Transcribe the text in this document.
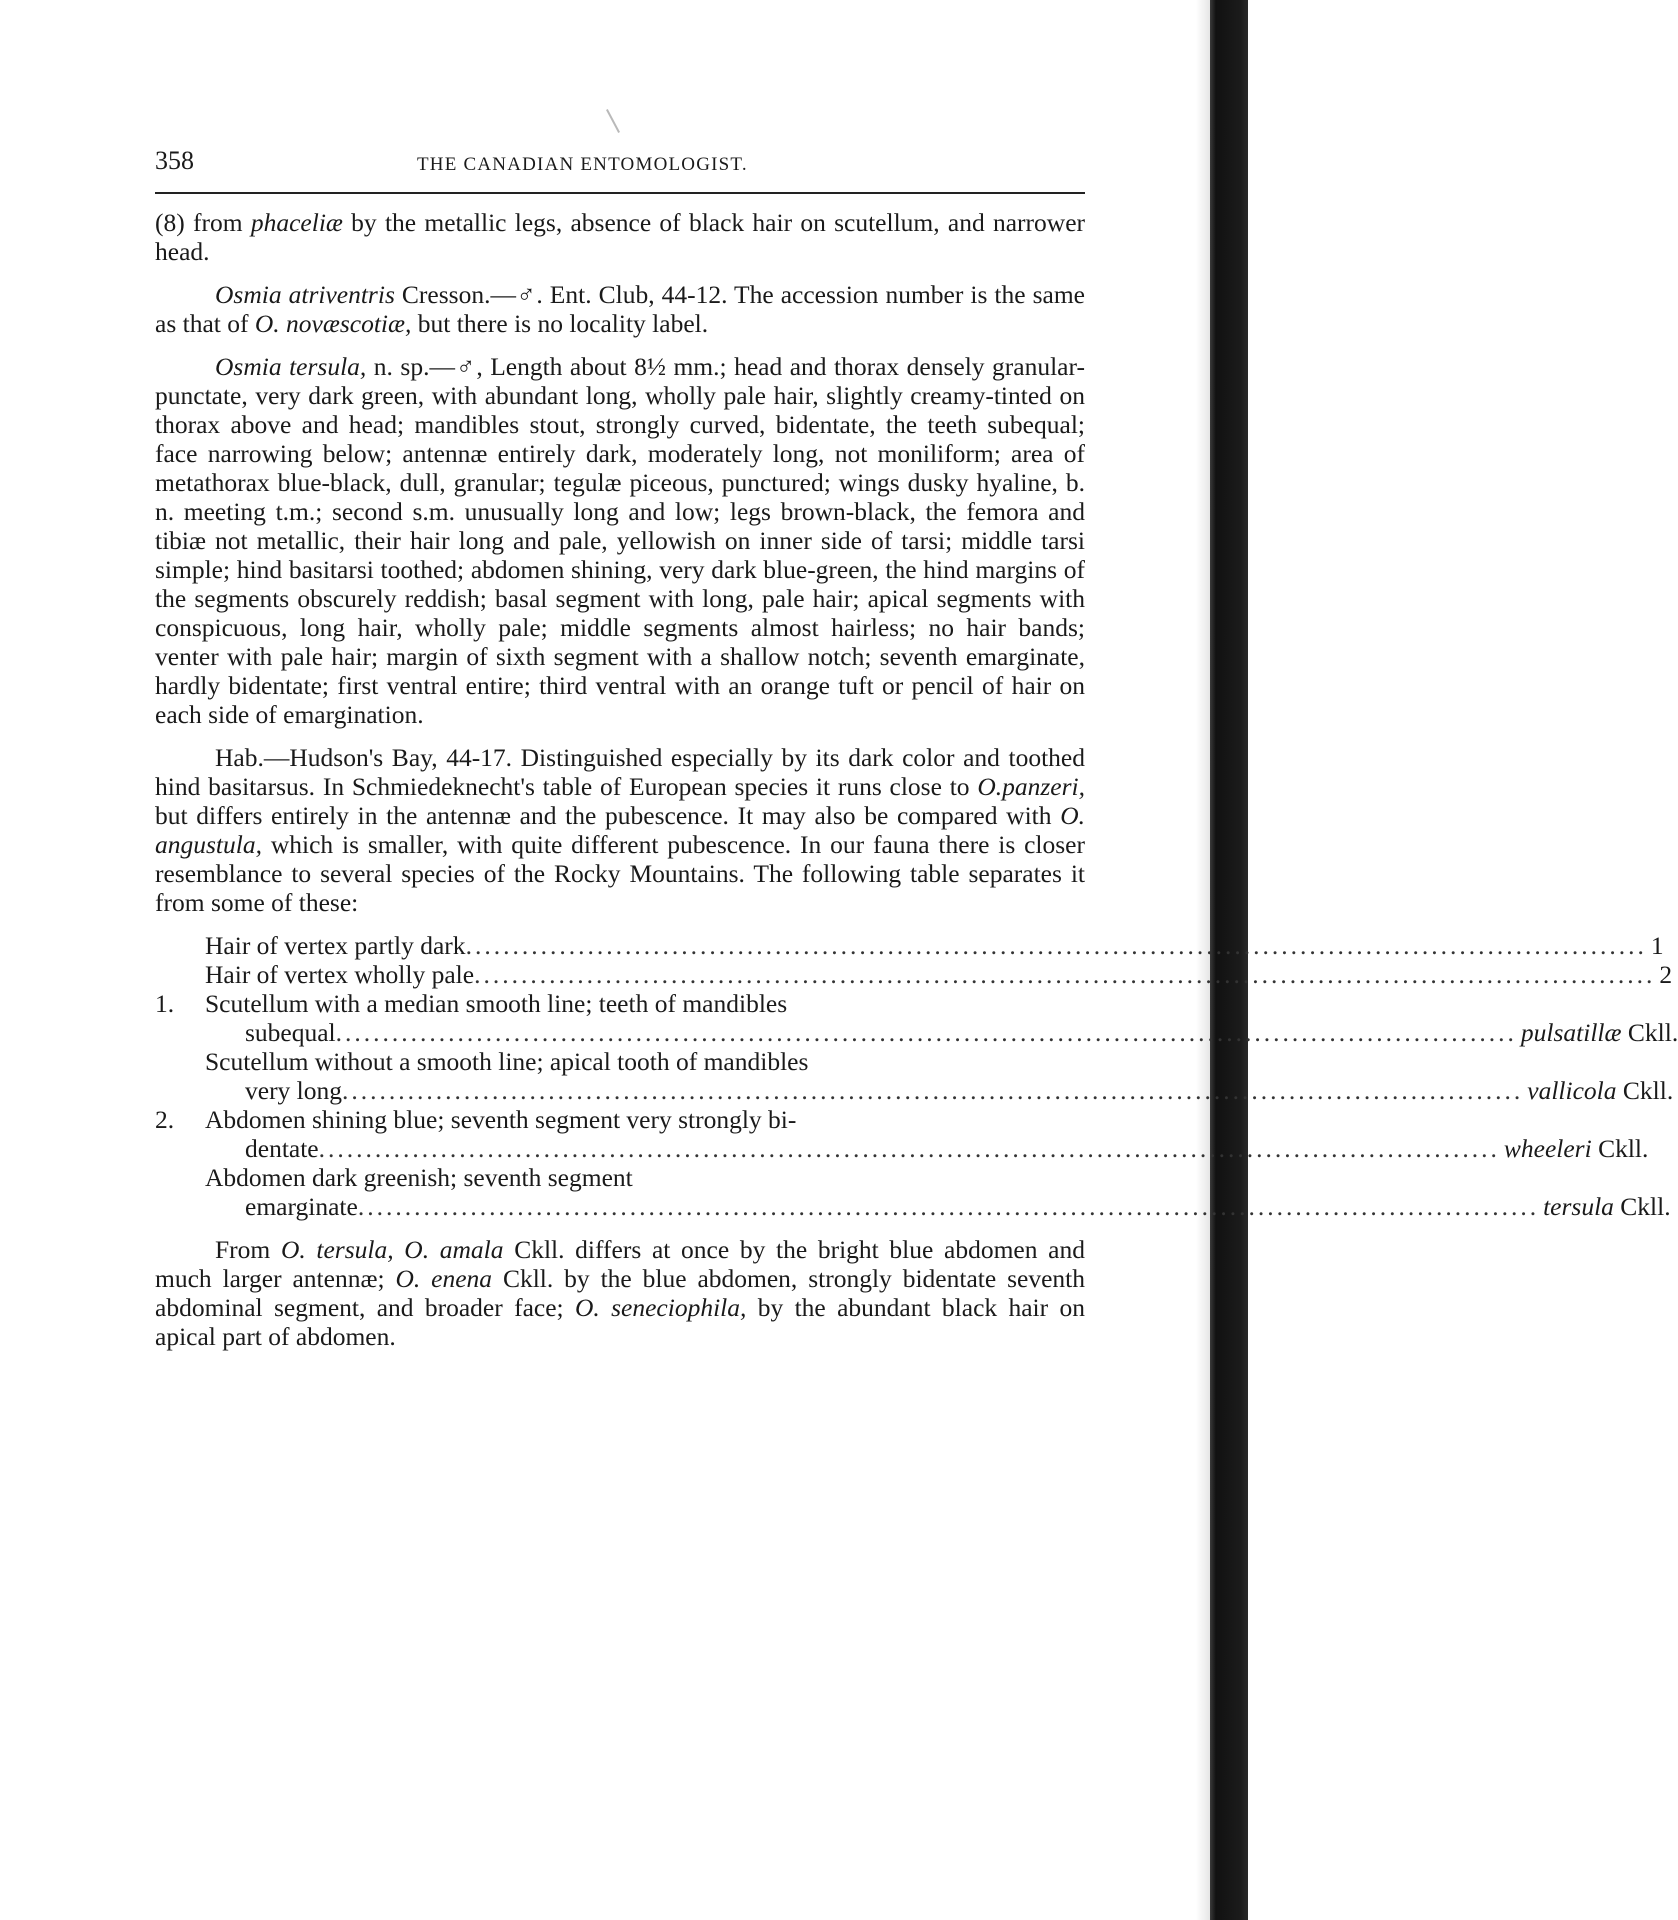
358	THE CANADIAN ENTOMOLOGIST.

(8) from phaceliæ by the metallic legs, absence of black hair on scutellum, and narrower head.

Osmia atriventris Cresson.—♂. Ent. Club, 44-12. The accession number is the same as that of O. novæscotiæ, but there is no locality label.

Osmia tersula, n. sp.—♂, Length about 8½ mm.; head and thorax densely granular-punctate, very dark green, with abundant long, wholly pale hair, slightly creamy-tinted on thorax above and head; mandibles stout, strongly curved, bidentate, the teeth subequal; face narrowing below; antennæ entirely dark, moderately long, not moniliform; area of metathorax blue-black, dull, granular; tegulæ piceous, punctured; wings dusky hyaline, b. n. meeting t.m.; second s.m. unusually long and low; legs brown-black, the femora and tibiæ not metallic, their hair long and pale, yellowish on inner side of tarsi; middle tarsi simple; hind basitarsi toothed; abdomen shining, very dark blue-green, the hind margins of the segments obscurely reddish; basal segment with long, pale hair; apical segments with conspicuous, long hair, wholly pale; middle segments almost hairless; no hair bands; venter with pale hair; margin of sixth segment with a shallow notch; seventh emarginate, hardly bidentate; first ventral entire; third ventral with an orange tuft or pencil of hair on each side of emargination.

Hab.—Hudson's Bay, 44-17. Distinguished especially by its dark color and toothed hind basitarsus. In Schmiedeknecht's table of European species it runs close to O.panzeri, but differs entirely in the antennæ and the pubescence. It may also be compared with O. angustula, which is smaller, with quite different pubescence. In our fauna there is closer resemblance to several species of the Rocky Mountains. The following table separates it from some of these:

Hair of vertex partly dark .....	1
Hair of vertex wholly pale .....	2
1.	Scutellum with a median smooth line; teeth of mandibles
subequal .....	pulsatillæ Ckll.
Scutellum without a smooth line; apical tooth of mandibles
very long .....	vallicola Ckll.
2.	Abdomen shining blue; seventh segment very strongly bi-
dentate .....	wheeleri Ckll.
Abdomen dark greenish; seventh segment
emarginate .....	tersula Ckll.

From O. tersula, O. amala Ckll. differs at once by the bright blue abdomen and much larger antennæ; O. enena Ckll. by the blue abdomen, strongly bidentate seventh abdominal segment, and broader face; O. seneciophila, by the abundant black hair on apical part of abdomen.
